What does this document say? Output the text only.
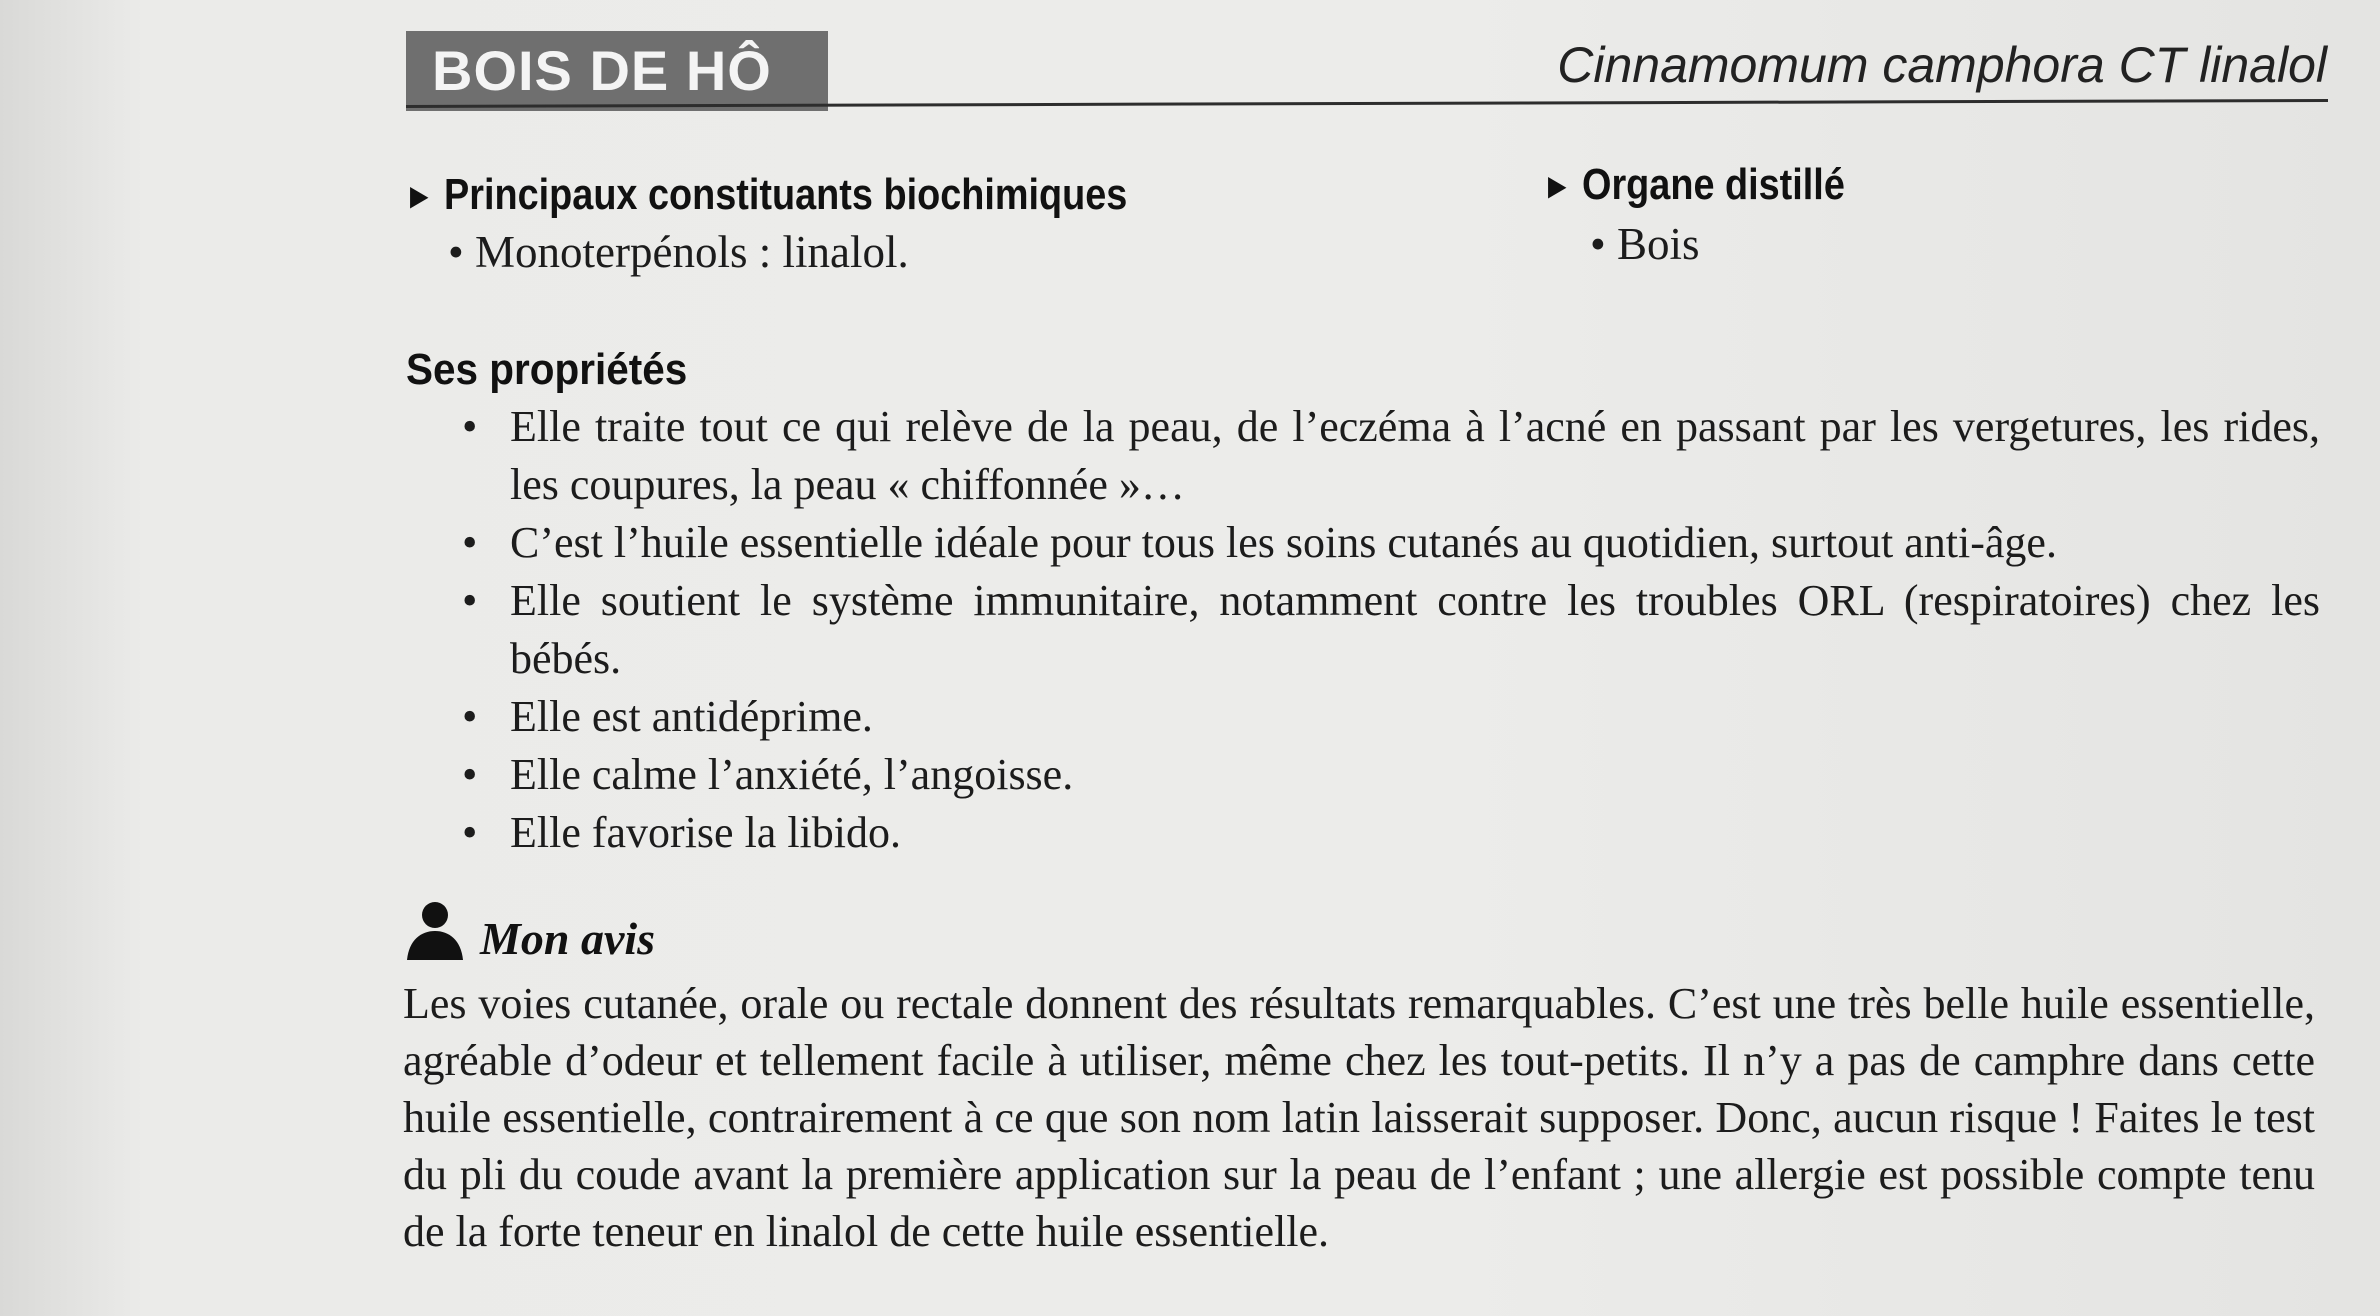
BOIS DE HÔ	Cinnamomum camphora CT linalol
▶ Principaux constituants biochimiques
• Monoterpénols : linalol.
▶ Organe distillé
• Bois
Ses propriétés
• Elle traite tout ce qui relève de la peau, de l’eczéma à l’acné en passant par les vergetures, les rides, les coupures, la peau « chiffonnée »…
• C’est l’huile essentielle idéale pour tous les soins cutanés au quotidien, surtout anti-âge.
• Elle soutient le système immunitaire, notamment contre les troubles ORL (respiratoires) chez les bébés.
• Elle est antidéprime.
• Elle calme l’anxiété, l’angoisse.
• Elle favorise la libido.
Mon avis
Les voies cutanée, orale ou rectale donnent des résultats remarquables. C’est une très belle huile essentielle, agréable d’odeur et tellement facile à utiliser, même chez les tout-petits. Il n’y a pas de camphre dans cette huile essentielle, contrairement à ce que son nom latin laisserait supposer. Donc, aucun risque ! Faites le test du pli du coude avant la première application sur la peau de l’enfant ; une allergie est possible compte tenu de la forte teneur en linalol de cette huile essentielle.
